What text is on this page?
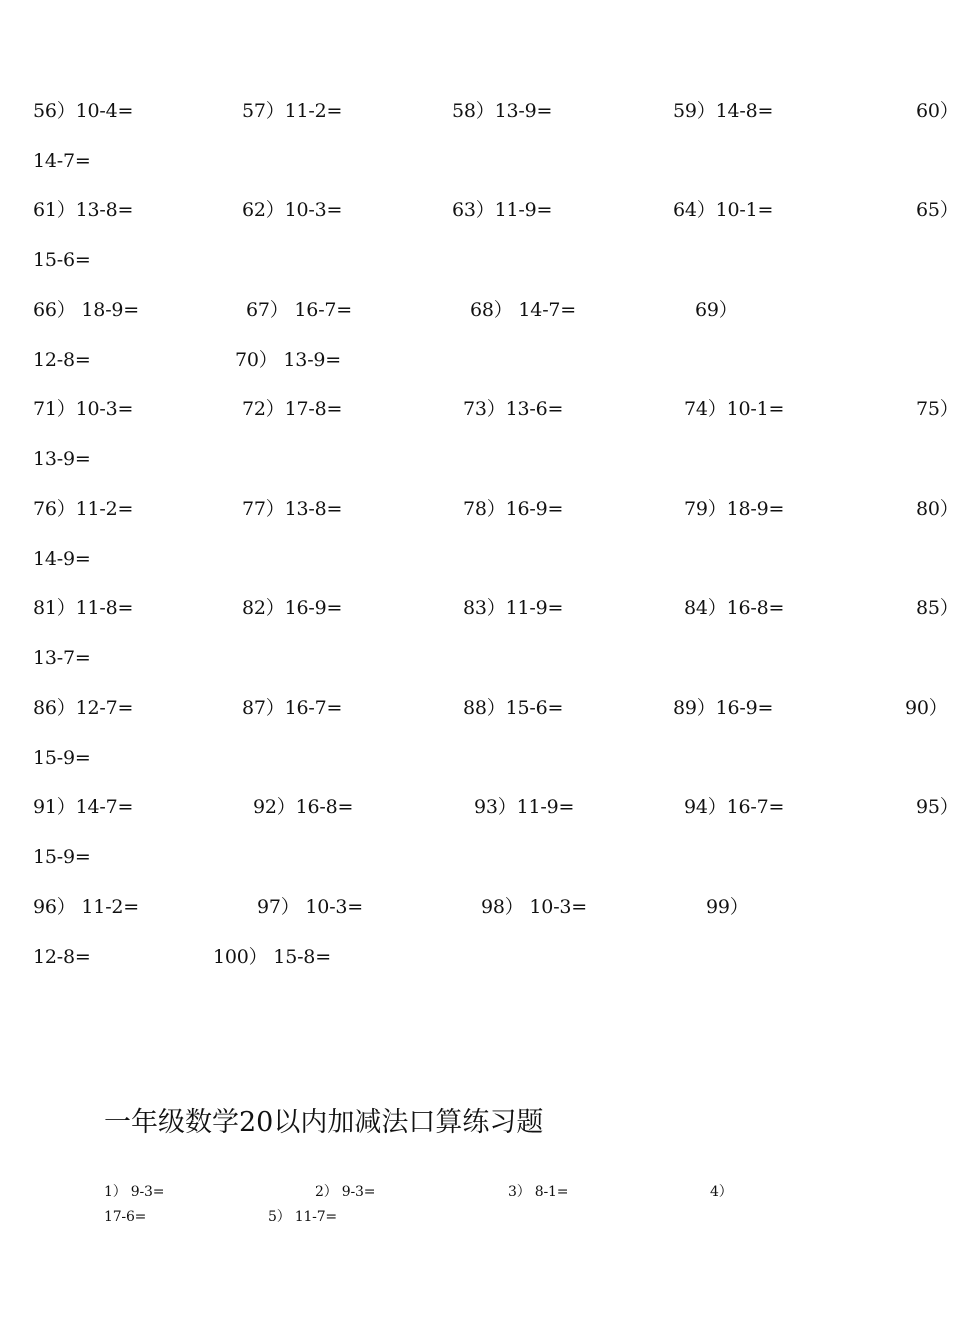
56）10-4=	57）11-2=	58）13-9=	59）14-8=	60）

14-7=

61）13-8=	62）10-3=	63）11-9=	64）10-1=	65）

15-6=

66） 18-9=	67） 16-7=	68） 14-7=	69）

12-8=	70） 13-9=

71）10-3=	72）17-8=	73）13-6=	74）10-1=	75）

13-9=

76）11-2=	77）13-8=	78）16-9=	79）18-9=	80）

14-9=

81）11-8=	82）16-9=	83）11-9=	84）16-8=	85）

13-7=

86）12-7=	87）16-7=	88）15-6=	89）16-9=	90）

15-9=

91）14-7=	92）16-8=	93）11-9=	94）16-7=	95）

15-9=

96） 11-2=	97） 10-3=	98） 10-3=	99）

12-8=	100） 15-8=

一年级数学20以内加减法口算练习题

1） 9-3=	2） 9-3=	3） 8-1=	4）

17-6=	5） 11-7=
